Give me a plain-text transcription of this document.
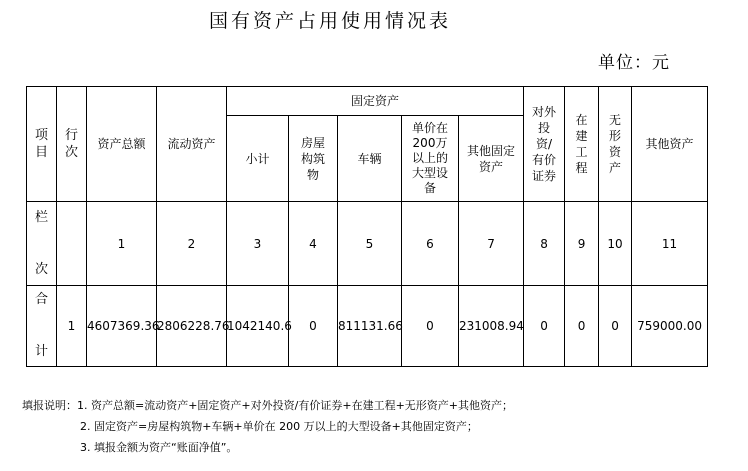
国有资产占用使用情况表
单位：元
项目	行次	资产总额	流动资产	固定资产					对外投资/有价证券	在建工程	无形资产	其他资产
				小计	房屋构筑物	车辆	单价在200万以上的大型设备	其他固定资产				
栏

次		1	2	3	4	5	6	7	8	9	10	11
合

计	1	4607369.36	2806228.76	1042140.6	0	811131.66	0	231008.94	0	0	0	759000.00
填报说明：1. 资产总额=流动资产+固定资产+对外投资/有价证券+在建工程+无形资产+其他资产；
2. 固定资产=房屋构筑物+车辆+单价在 200 万以上的大型设备+其他固定资产；
3. 填报金额为资产“账面净值”。
